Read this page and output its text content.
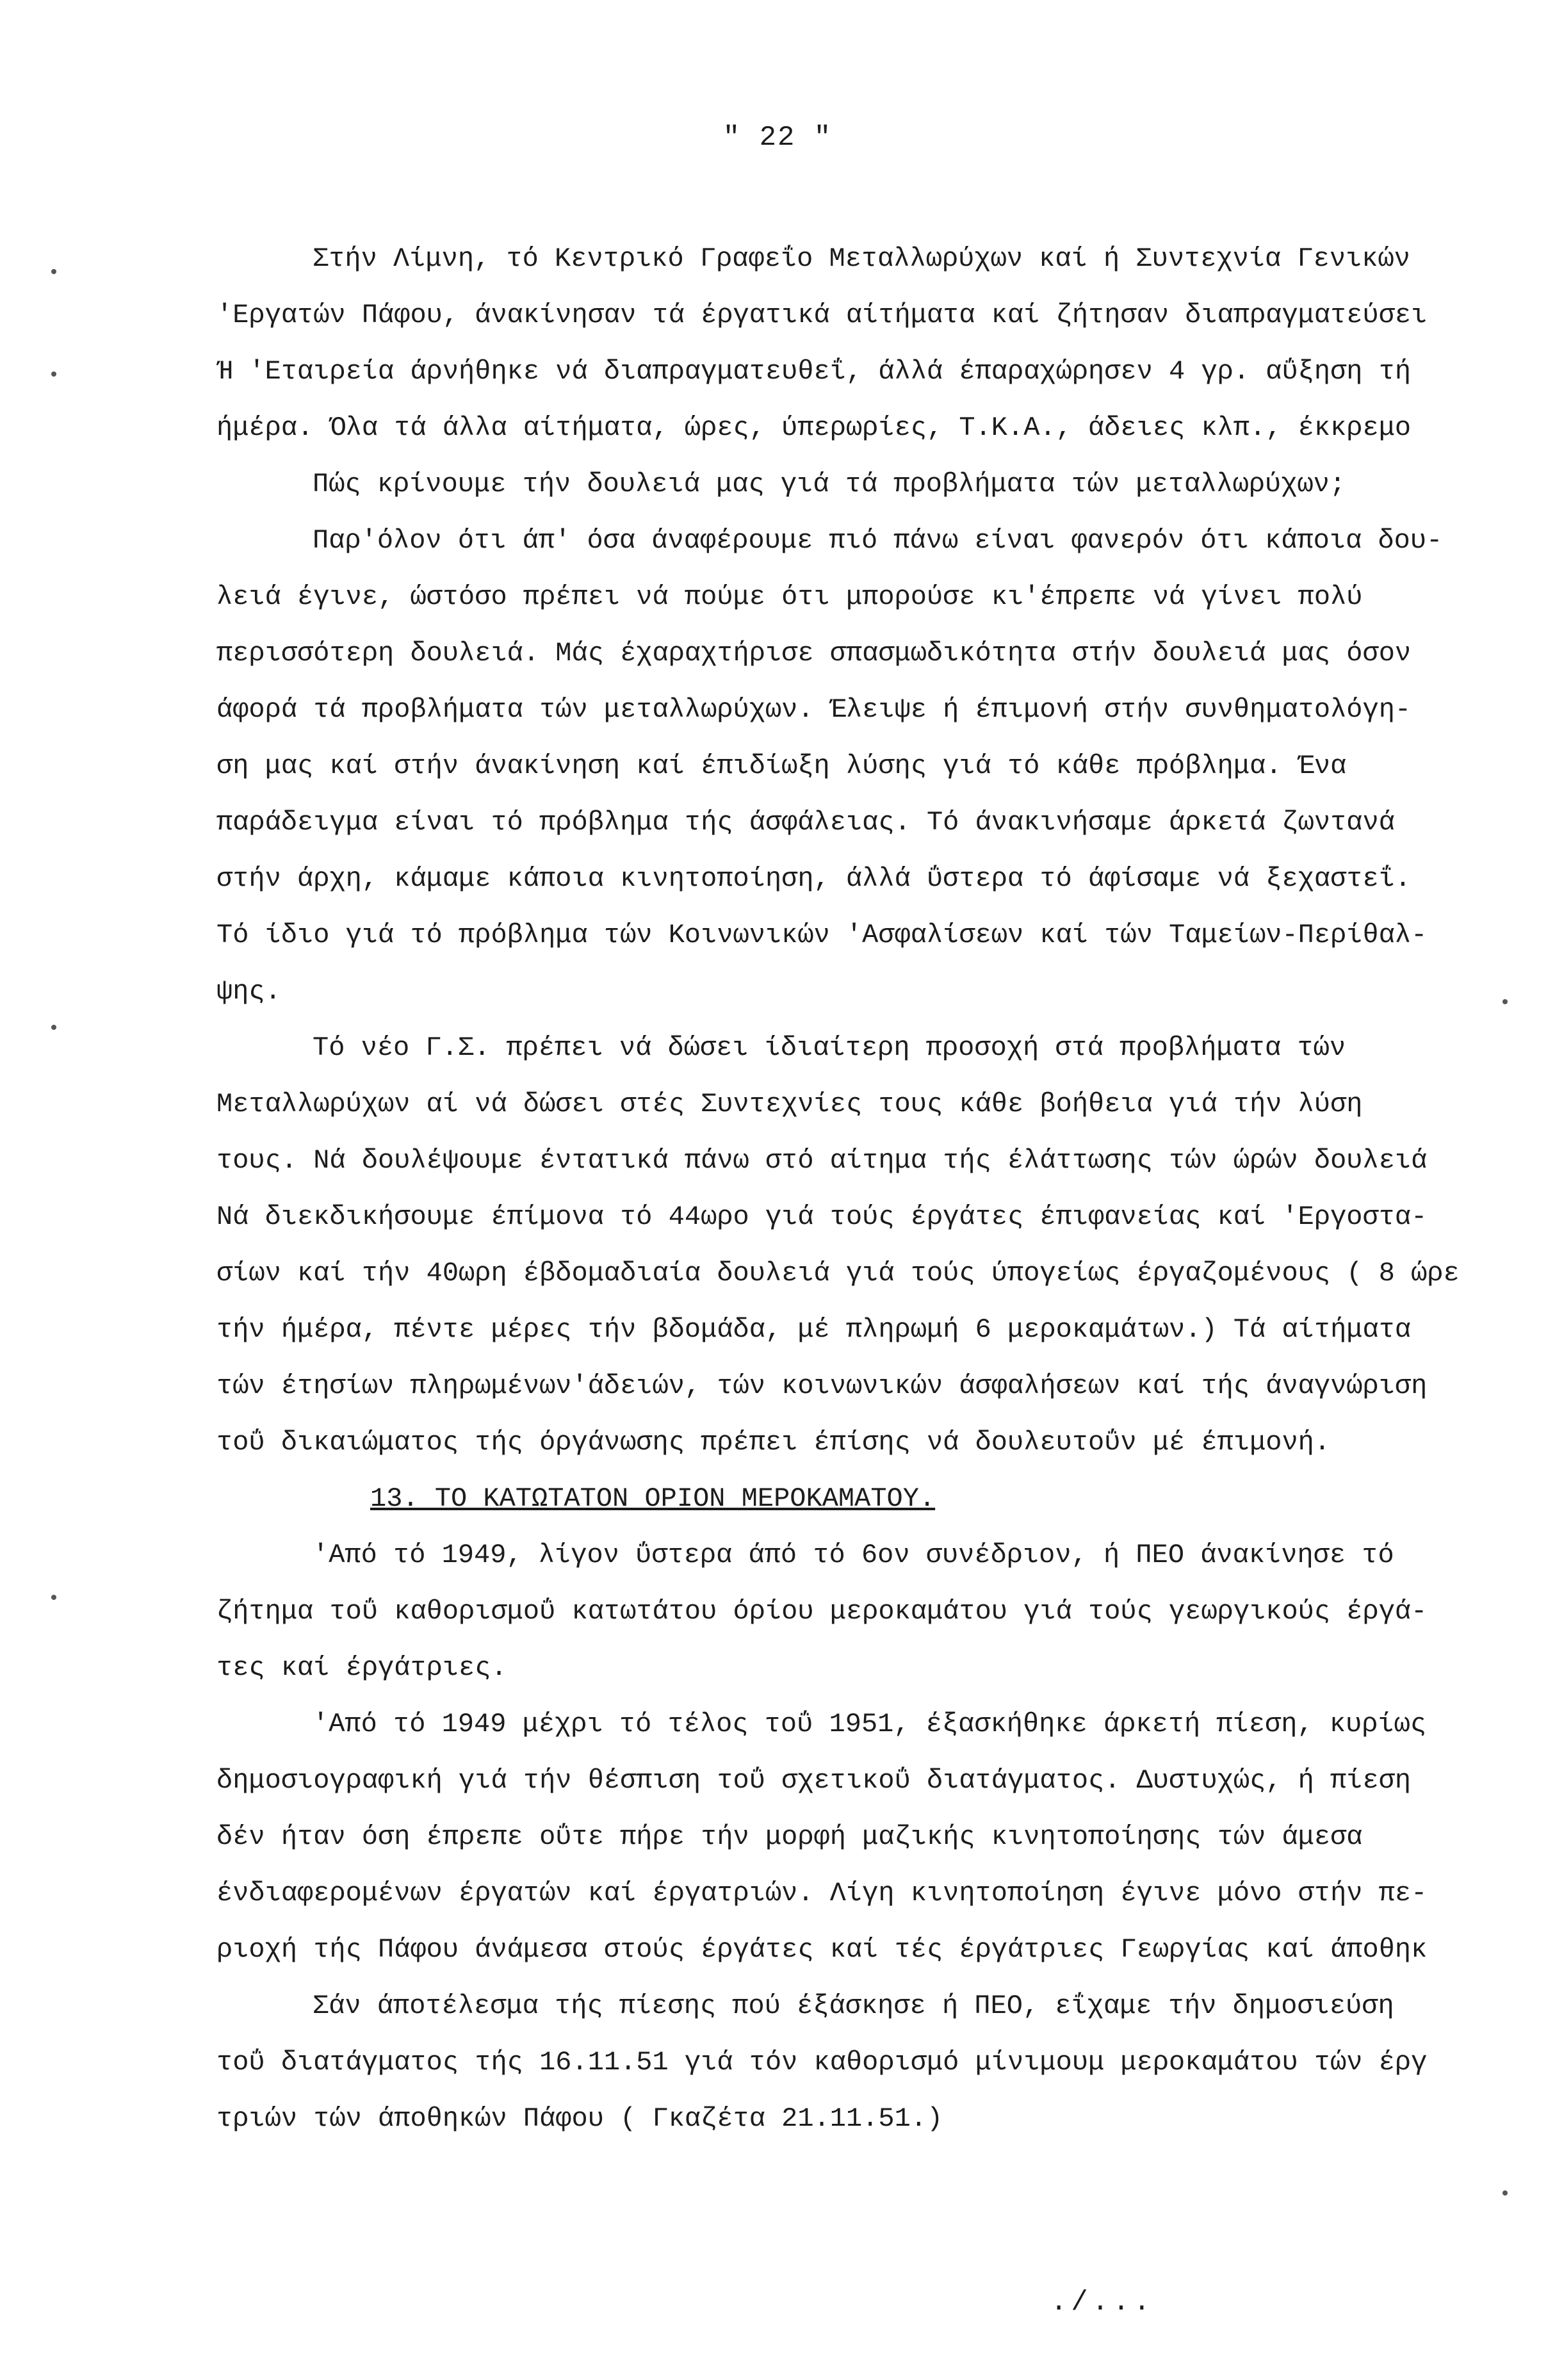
" 22 "
Στήν Λίμνη, τό Κεντρικό Γραφεΐο Μεταλλωρύχων καί ή Συντεχνία Γενικών
'Εργατών Πάφου, άνακίνησαν τά έργατικά αίτήματα καί ζήτησαν διαπραγματεύσει
Ή 'Εταιρεία άρνήθηκε νά διαπραγματευθεΐ, άλλά έπαραχώρησεν 4 γρ. αΰξηση τή
ήμέρα. Όλα τά άλλα αίτήματα, ώρες, ύπερωρίες, Τ.Κ.Α., άδειες κλπ., έκκρεμο
Πώς κρίνουμε τήν δουλειά μας γιά τά προβλήματα τών μεταλλωρύχων;
Παρ'όλον ότι άπ' όσα άναφέρουμε πιό πάνω είναι φανερόν ότι κάποια δου-
λειά έγινε, ώστόσο πρέπει νά πούμε ότι μπορούσε κι'έπρεπε νά γίνει πολύ
περισσότερη δουλειά. Μάς έχαραχτήρισε σπασμωδικότητα στήν δουλειά μας όσον
άφορά τά προβλήματα τών μεταλλωρύχων. Έλειψε ή έπιμονή στήν συνθηματολόγη-
ση μας καί στήν άνακίνηση καί έπιδίωξη λύσης γιά τό κάθε πρόβλημα. Ένα
παράδειγμα είναι τό πρόβλημα τής άσφάλειας. Τό άνακινήσαμε άρκετά ζωντανά
στήν άρχη, κάμαμε κάποια κινητοποίηση, άλλά ΰστερα τό άφίσαμε νά ξεχαστεΐ.
Τό ίδιο γιά τό πρόβλημα τών Κοινωνικών 'Ασφαλίσεων καί τών Ταμείων-Περίθαλ-
ψης.
Τό νέο Γ.Σ. πρέπει νά δώσει ίδιαίτερη προσοχή στά προβλήματα τών
Μεταλλωρύχων αί νά δώσει στές Συντεχνίες τους κάθε βοήθεια γιά τήν λύση
τους. Νά δουλέψουμε έντατικά πάνω στό αίτημα τής έλάττωσης τών ώρών δουλειά
Νά διεκδικήσουμε έπίμονα τό 44ωρο γιά τούς έργάτες έπιφανείας καί 'Εργοστα-
σίων καί τήν 40ωρη έβδομαδιαία δουλειά γιά τούς ύπογείως έργαζομένους ( 8 ώρε
τήν ήμέρα, πέντε μέρες τήν βδομάδα, μέ πληρωμή 6 μεροκαμάτων.) Τά αίτήματα
τών έτησίων πληρωμένων'άδειών, τών κοινωνικών άσφαλήσεων καί τής άναγνώριση
τοΰ δικαιώματος τής όργάνωσης πρέπει έπίσης νά δουλευτοΰν μέ έπιμονή.
13. ΤΟ ΚΑΤΩΤΑΤΟΝ ΟΡΙΟΝ ΜΕΡΟΚΑΜΑΤΟΥ.
'Από τό 1949, λίγον ΰστερα άπό τό 6ον συνέδριον, ή ΠΕΟ άνακίνησε τό
ζήτημα τοΰ καθορισμοΰ κατωτάτου όρίου μεροκαμάτου γιά τούς γεωργικούς έργά-
τες καί έργάτριες.
'Από τό 1949 μέχρι τό τέλος τοΰ 1951, έξασκήθηκε άρκετή πίεση, κυρίως
δημοσιογραφική γιά τήν θέσπιση τοΰ σχετικοΰ διατάγματος. Δυστυχώς, ή πίεση
δέν ήταν όση έπρεπε οΰτε πήρε τήν μορφή μαζικής κινητοποίησης τών άμεσα
ένδιαφερομένων έργατών καί έργατριών. Λίγη κινητοποίηση έγινε μόνο στήν πε-
ριοχή τής Πάφου άνάμεσα στούς έργάτες καί τές έργάτριες Γεωργίας καί άποθηκ
Σάν άποτέλεσμα τής πίεσης πού έξάσκησε ή ΠΕΟ, εΐχαμε τήν δημοσιεύση
τοΰ διατάγματος τής 16.11.51 γιά τόν καθορισμό μίνιμουμ μεροκαμάτου τών έργ
τριών τών άποθηκών Πάφου ( Γκαζέτα 21.11.51.)
./...
